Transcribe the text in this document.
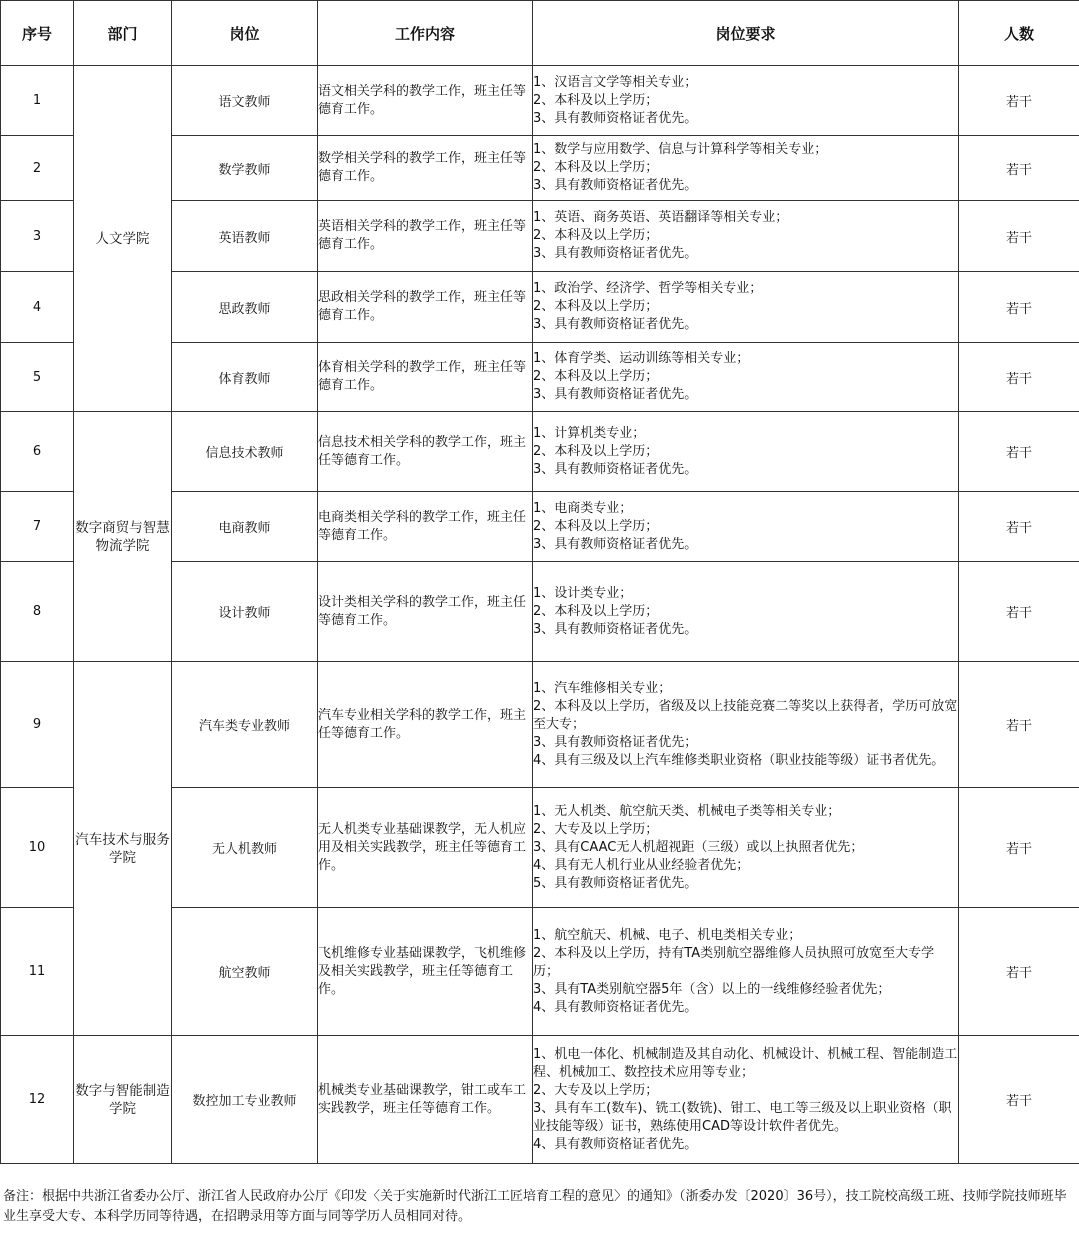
序号	部门	岗位	工作内容	岗位要求	人数
1	人文学院	语文教师	语文相关学科的教学工作，班主任等德育工作。	1、汉语言文学等相关专业；
2、本科及以上学历；
3、具有教师资格证者优先。	若干
2		数学教师	数学相关学科的教学工作，班主任等德育工作。	1、数学与应用数学、信息与计算科学等相关专业；
2、本科及以上学历；
3、具有教师资格证者优先。	若干
3		英语教师	英语相关学科的教学工作，班主任等德育工作。	1、英语、商务英语、英语翻译等相关专业；
2、本科及以上学历；
3、具有教师资格证者优先。	若干
4		思政教师	思政相关学科的教学工作，班主任等德育工作。	1、政治学、经济学、哲学等相关专业；
2、本科及以上学历；
3、具有教师资格证者优先。	若干
5		体育教师	体育相关学科的教学工作，班主任等德育工作。	1、体育学类、运动训练等相关专业；
2、本科及以上学历；
3、具有教师资格证者优先。	若干
6	数字商贸与智慧物流学院	信息技术教师	信息技术相关学科的教学工作，班主任等德育工作。	1、计算机类专业；
2、本科及以上学历；
3、具有教师资格证者优先。	若干
7		电商教师	电商类相关学科的教学工作，班主任等德育工作。	1、电商类专业；
2、本科及以上学历；
3、具有教师资格证者优先。	若干
8		设计教师	设计类相关学科的教学工作，班主任等德育工作。	1、设计类专业；
2、本科及以上学历；
3、具有教师资格证者优先。	若干
9	汽车技术与服务学院	汽车类专业教师	汽车专业相关学科的教学工作，班主任等德育工作。	1、汽车维修相关专业；
2、本科及以上学历，省级及以上技能竞赛二等奖以上获得者，学历可放宽至大专；
3、具有教师资格证者优先；
4、具有三级及以上汽车维修类职业资格（职业技能等级）证书者优先。	若干
10		无人机教师	无人机类专业基础课教学，无人机应用及相关实践教学，班主任等德育工作。	1、无人机类、航空航天类、机械电子类等相关专业；
2、大专及以上学历；
3、具有CAAC无人机超视距（三级）或以上执照者优先；
4、具有无人机行业从业经验者优先；
5、具有教师资格证者优先。	若干
11		航空教师	飞机维修专业基础课教学，飞机维修及相关实践教学，班主任等德育工作。	1、航空航天、机械、电子、机电类相关专业；
2、本科及以上学历，持有TA类别航空器维修人员执照可放宽至大专学历；
3、具有TA类别航空器5年（含）以上的一线维修经验者优先；
4、具有教师资格证者优先。	若干
12	数字与智能制造学院	数控加工专业教师	机械类专业基础课教学，钳工或车工实践教学，班主任等德育工作。	1、机电一体化、机械制造及其自动化、机械设计、机械工程、智能制造工程、机械加工、数控技术应用等专业；
2、大专及以上学历；
3、具有车工(数车)、铣工(数铣)、钳工、电工等三级及以上职业资格（职业技能等级）证书，熟练使用CAD等设计软件者优先。
4、具有教师资格证者优先。	若干
备注：根据中共浙江省委办公厅、浙江省人民政府办公厅《印发〈关于实施新时代浙江工匠培育工程的意见〉的通知》（浙委办发〔2020〕36号），技工院校高级工班、技师学院技师班毕业生享受大专、本科学历同等待遇，在招聘录用等方面与同等学历人员相同对待。
